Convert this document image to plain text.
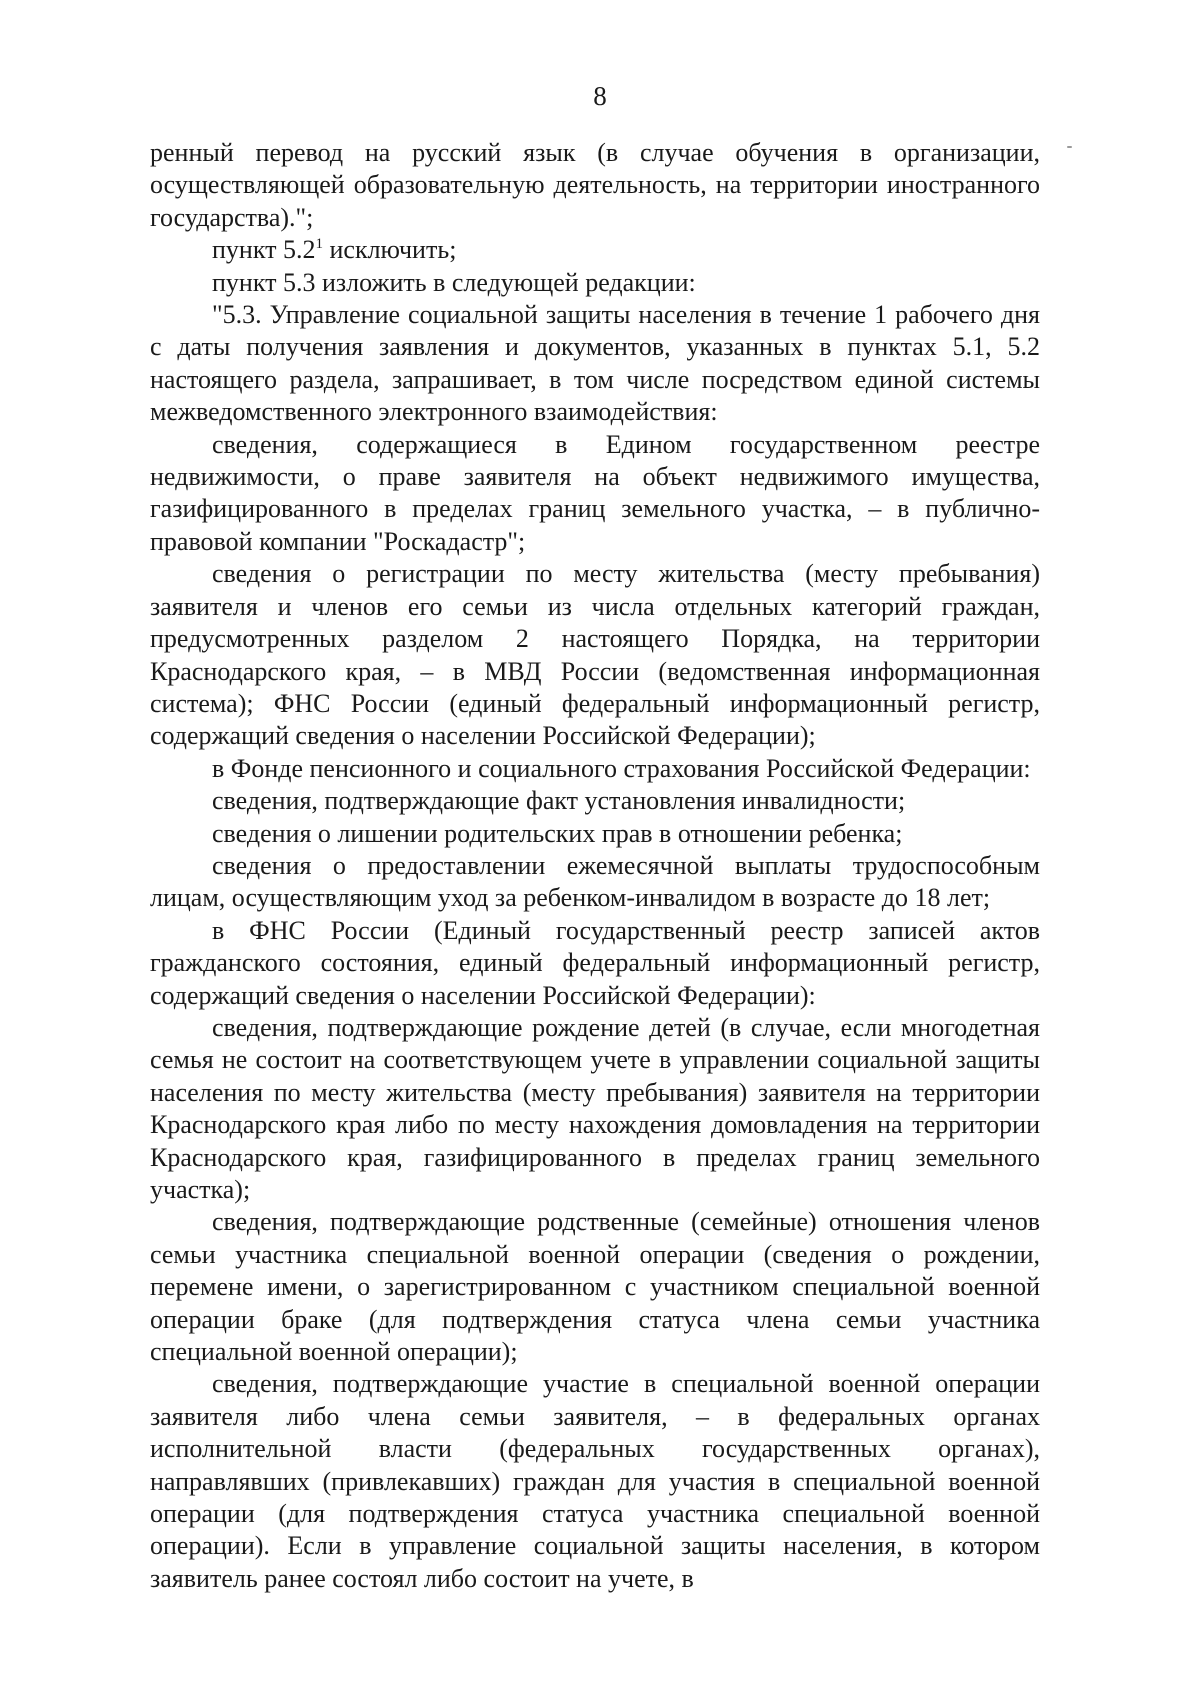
8

ренный перевод на русский язык (в случае обучения в организации, осуществляющей образовательную деятельность, на территории иностранного государства).";

пункт $5.2^1$ исключить;

пункт 5.3 изложить в следующей редакции:

"5.3. Управление социальной защиты населения в течение 1 рабочего дня с даты получения заявления и документов, указанных в пунктах 5.1, 5.2 настоящего раздела, запрашивает, в том числе посредством единой системы межведомственного электронного взаимодействия:

сведения, содержащиеся в Едином государственном реестре недвижимости, о праве заявителя на объект недвижимого имущества, газифицированного в пределах границ земельного участка, – в публично-правовой компании "Роскадастр";

сведения о регистрации по месту жительства (месту пребывания) заявителя и членов его семьи из числа отдельных категорий граждан, предусмотренных разделом 2 настоящего Порядка, на территории Краснодарского края, – в МВД России (ведомственная информационная система); ФНС России (единый федеральный информационный регистр, содержащий сведения о населении Российской Федерации);

в Фонде пенсионного и социального страхования Российской Федерации:

сведения, подтверждающие факт установления инвалидности;

сведения о лишении родительских прав в отношении ребенка;

сведения о предоставлении ежемесячной выплаты трудоспособным лицам, осуществляющим уход за ребенком-инвалидом в возрасте до 18 лет;

в ФНС России (Единый государственный реестр записей актов гражданского состояния, единый федеральный информационный регистр, содержащий сведения о населении Российской Федерации):

сведения, подтверждающие рождение детей (в случае, если многодетная семья не состоит на соответствующем учете в управлении социальной защиты населения по месту жительства (месту пребывания) заявителя на территории Краснодарского края либо по месту нахождения домовладения на территории Краснодарского края, газифицированного в пределах границ земельного участка);

сведения, подтверждающие родственные (семейные) отношения членов семьи участника специальной военной операции (сведения о рождении, перемене имени, о зарегистрированном с участником специальной военной операции браке (для подтверждения статуса члена семьи участника специальной военной операции);

сведения, подтверждающие участие в специальной военной операции заявителя либо члена семьи заявителя, – в федеральных органах исполнительной власти (федеральных государственных органах), направлявших (привлекавших) граждан для участия в специальной военной операции (для подтверждения статуса участника специальной военной операции). Если в управление социальной защиты населения, в котором заявитель ранее состоял либо состоит на учете, в
